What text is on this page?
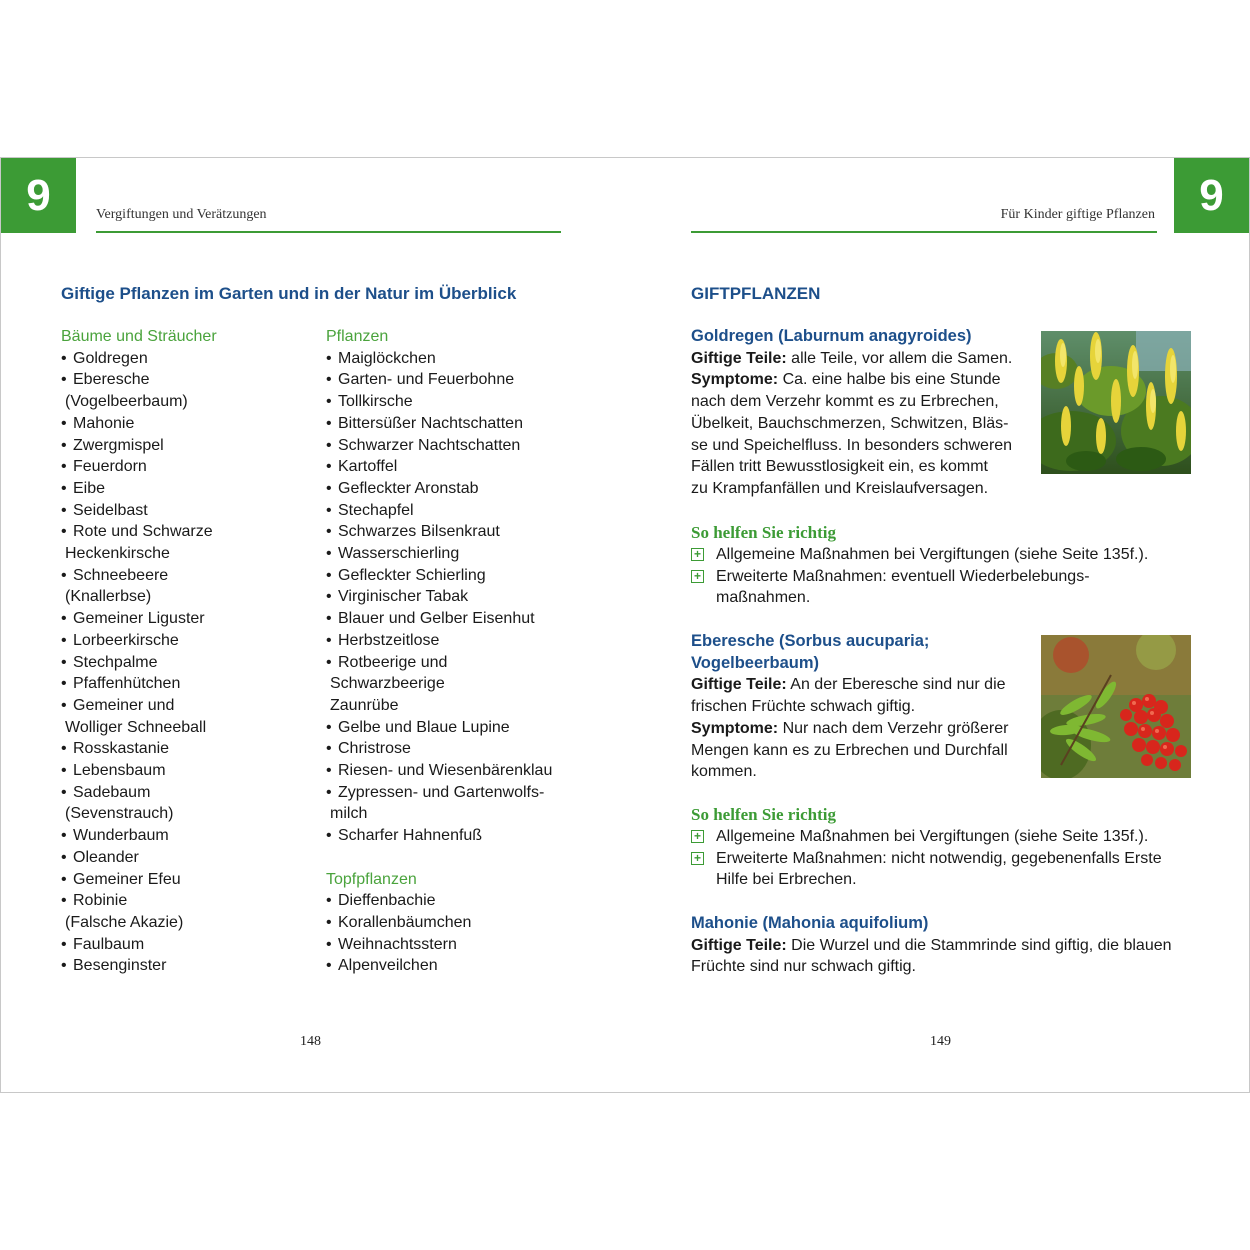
9	Vergiftungen und Verätzungen
Giftige Pflanzen im Garten und in der Natur im Überblick
Bäume und Sträucher
•Goldregen
•Eberesche
(Vogelbeerbaum)
•Mahonie
•Zwergmispel
•Feuerdorn
•Eibe
•Seidelbast
•Rote und Schwarze
Heckenkirsche
•Schneebeere
(Knallerbse)
•Gemeiner Liguster
•Lorbeerkirsche
•Stechpalme
•Pfaffenhütchen
•Gemeiner und
Wolliger Schneeball
•Rosskastanie
•Lebensbaum
•Sadebaum
(Sevenstrauch)
•Wunderbaum
•Oleander
•Gemeiner Efeu
•Robinie
(Falsche Akazie)
•Faulbaum
•Besenginster
Pflanzen
•Maiglöckchen
•Garten- und Feuerbohne
•Tollkirsche
•Bittersüßer Nachtschatten
•Schwarzer Nachtschatten
•Kartoffel
•Gefleckter Aronstab
•Stechapfel
•Schwarzes Bilsenkraut
•Wasserschierling
•Gefleckter Schierling
•Virginischer Tabak
•Blauer und Gelber Eisenhut
•Herbstzeitlose
•Rotbeerige und
Schwarzbeerige
Zaunrübe
•Gelbe und Blaue Lupine
•Christrose
•Riesen- und Wiesenbärenklau
•Zypressen- und Gartenwolfs-
milch
•Scharfer Hahnenfuß
Topfpflanzen
•Dieffenbachie
•Korallenbäumchen
•Weihnachtsstern
•Alpenveilchen
148
9
Für Kinder giftige Pflanzen
GIFTPFLANZEN
Goldregen (Laburnum anagyroides)
Giftige Teile: alle Teile, vor allem die Samen.
Symptome: Ca. eine halbe bis eine Stunde
nach dem Verzehr kommt es zu Erbrechen,
Übelkeit, Bauchschmerzen, Schwitzen, Bläs-
se und Speichelfluss. In besonders schweren
Fällen tritt Bewusstlosigkeit ein, es kommt
zu Krampfanfällen und Kreislaufversagen.
So helfen Sie richtig
+ Allgemeine Maßnahmen bei Vergiftungen (siehe Seite 135f.).
+ Erweiterte Maßnahmen: eventuell Wiederbelebungs-
maßnahmen.
Eberesche (Sorbus aucuparia;
Vogelbeerbaum)
Giftige Teile: An der Eberesche sind nur die
frischen Früchte schwach giftig.
Symptome: Nur nach dem Verzehr größerer
Mengen kann es zu Erbrechen und Durchfall
kommen.
So helfen Sie richtig
+ Allgemeine Maßnahmen bei Vergiftungen (siehe Seite 135f.).
+ Erweiterte Maßnahmen: nicht notwendig, gegebenenfalls Erste
Hilfe bei Erbrechen.
Mahonie (Mahonia aquifolium)
Giftige Teile: Die Wurzel und die Stammrinde sind giftig, die blauen
Früchte sind nur schwach giftig.
149
